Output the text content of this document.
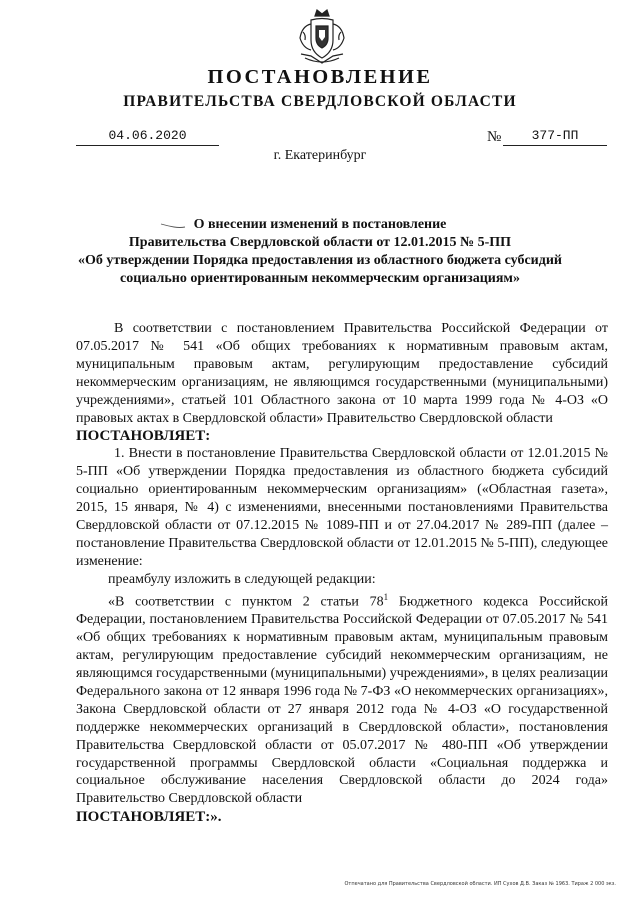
ПОСТАНОВЛЕНИЕ
ПРАВИТЕЛЬСТВА СВЕРДЛОВСКОЙ ОБЛАСТИ
04.06.2020	№	377-ПП
г. Екатеринбург
О внесении изменений в постановление
Правительства Свердловской области от 12.01.2015 № 5-ПП
«Об утверждении Порядка предоставления из областного бюджета субсидий
социально ориентированным некоммерческим организациям»

В соответствии с постановлением Правительства Российской Федерации от 07.05.2017 № 541 «Об общих требованиях к нормативным правовым актам, муниципальным правовым актам, регулирующим предоставление субсидий некоммерческим организациям, не являющимся государственными (муниципальными) учреждениями», статьей 101 Областного закона от 10 марта 1999 года № 4-ОЗ «О правовых актах в Свердловской области» Правительство Свердловской области

ПОСТАНОВЛЯЕТ:

1. Внести в постановление Правительства Свердловской области от 12.01.2015 № 5-ПП «Об утверждении Порядка предоставления из областного бюджета субсидий социально ориентированным некоммерческим организациям» («Областная газета», 2015, 15 января, № 4) с изменениями, внесенными постановлениями Правительства Свердловской области от 07.12.2015 № 1089-ПП и от 27.04.2017 № 289-ПП (далее – постановление Правительства Свердловской области от 12.01.2015 № 5-ПП), следующее изменение:

преамбулу изложить в следующей редакции:

«В соответствии с пунктом 2 статьи $78^1$ Бюджетного кодекса Российской Федерации, постановлением Правительства Российской Федерации от 07.05.2017 № 541 «Об общих требованиях к нормативным правовым актам, муниципальным правовым актам, регулирующим предоставление субсидий некоммерческим организациям, не являющимся государственными (муниципальными) учреждениями», в целях реализации Федерального закона от 12 января 1996 года № 7-ФЗ «О некоммерческих организациях», Закона Свердловской области от 27 января 2012 года № 4-ОЗ «О государственной поддержке некоммерческих организаций в Свердловской области», постановления Правительства Свердловской области от 05.07.2017 № 480-ПП «Об утверждении государственной программы Свердловской области «Социальная поддержка и социальное обслуживание населения Свердловской области до 2024 года» Правительство Свердловской области

ПОСТАНОВЛЯЕТ:».

Отпечатано для Правительства Свердловской области. ИП Сухов Д.В. Заказ № 1963. Тираж 2 000 экз.
